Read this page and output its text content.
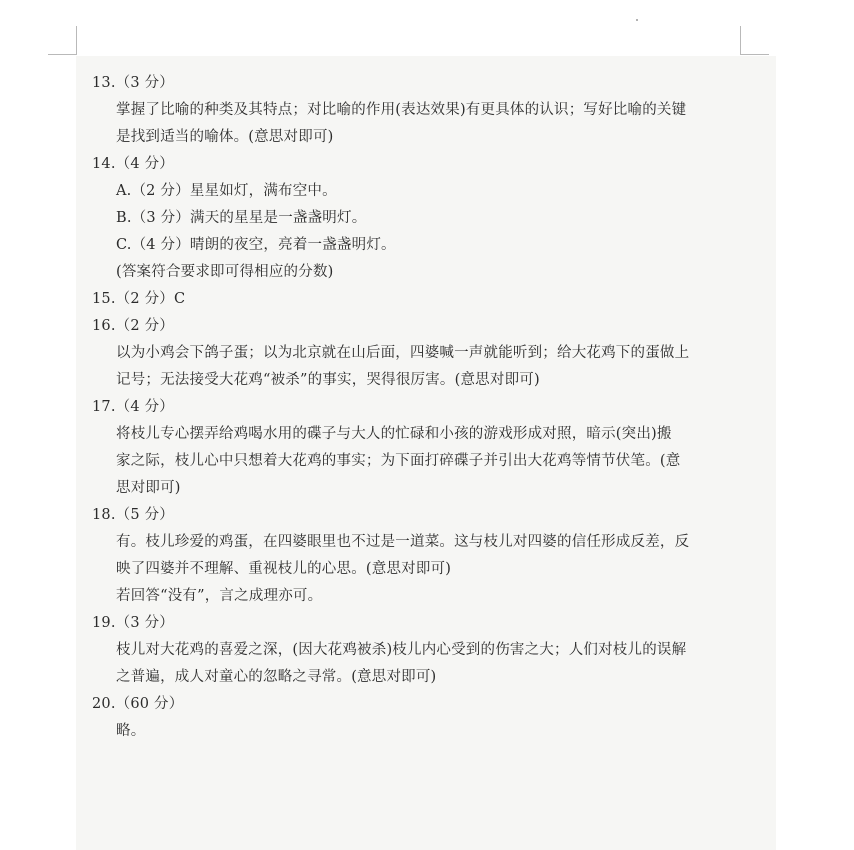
13.（3 分）
掌握了比喻的种类及其特点；对比喻的作用(表达效果)有更具体的认识；写好比喻的关键
是找到适当的喻体。(意思对即可)
14.（4 分）
A.（2 分）星星如灯，满布空中。
B.（3 分）满天的星星是一盏盏明灯。
C.（4 分）晴朗的夜空，亮着一盏盏明灯。
(答案符合要求即可得相应的分数)
15.（2 分）C
16.（2 分）
以为小鸡会下鸽子蛋；以为北京就在山后面，四婆喊一声就能听到；给大花鸡下的蛋做上
记号；无法接受大花鸡“被杀”的事实，哭得很厉害。(意思对即可)
17.（4 分）
将枝儿专心摆弄给鸡喝水用的碟子与大人的忙碌和小孩的游戏形成对照，暗示(突出)搬
家之际，枝儿心中只想着大花鸡的事实；为下面打碎碟子并引出大花鸡等情节伏笔。(意
思对即可)
18.（5 分）
有。枝儿珍爱的鸡蛋，在四婆眼里也不过是一道菜。这与枝儿对四婆的信任形成反差，反
映了四婆并不理解、重视枝儿的心思。(意思对即可)
若回答“没有”，言之成理亦可。
19.（3 分）
枝儿对大花鸡的喜爱之深，(因大花鸡被杀)枝儿内心受到的伤害之大；人们对枝儿的误解
之普遍，成人对童心的忽略之寻常。(意思对即可)
20.（60 分）
略。
